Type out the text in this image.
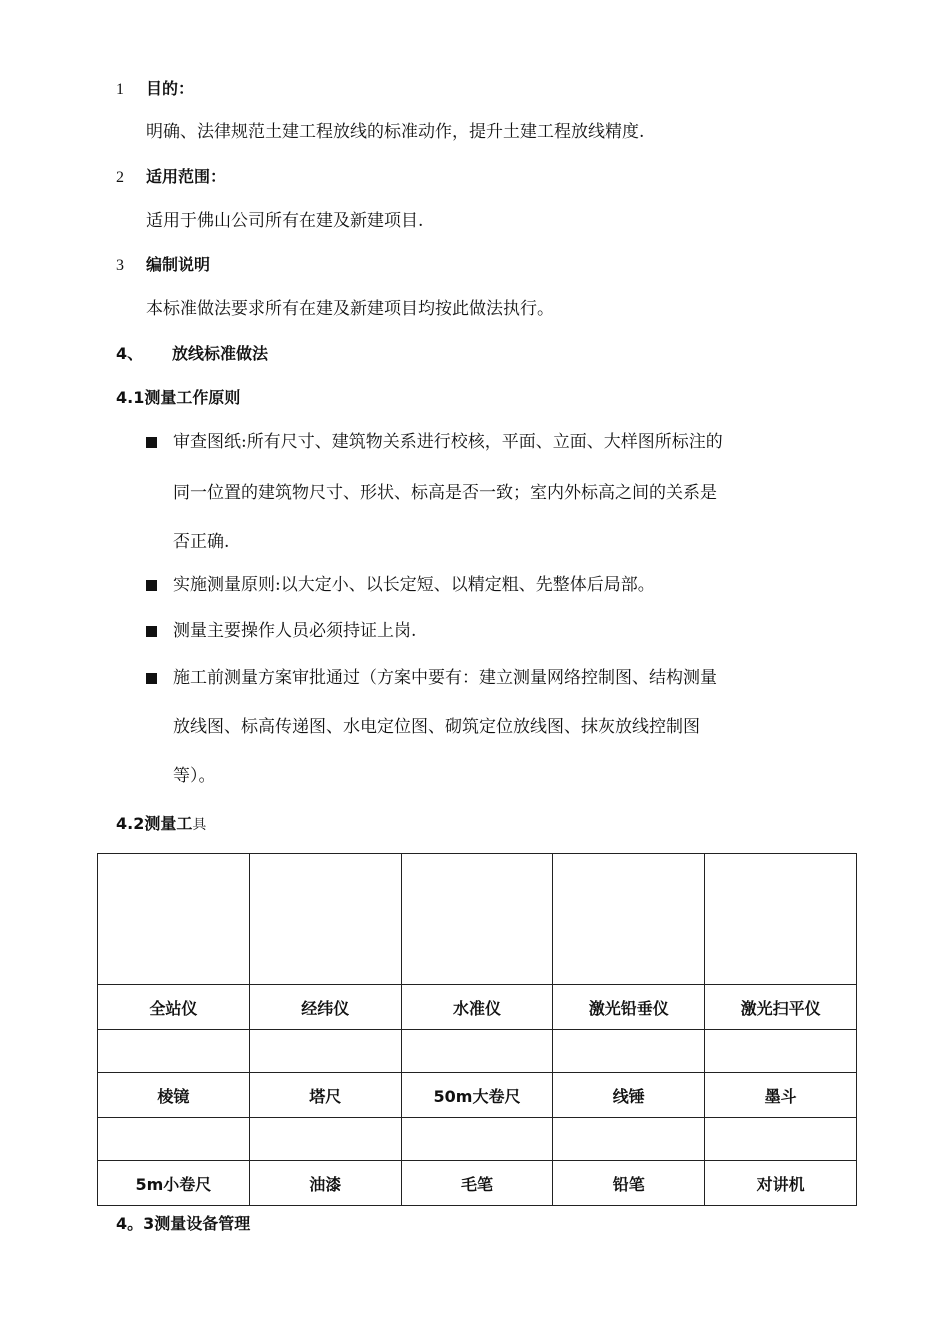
1 目的：
明确、法律规范土建工程放线的标准动作，提升土建工程放线精度.
2 适用范围：
适用于佛山公司所有在建及新建项目.
3 编制说明
本标准做法要求所有在建及新建项目均按此做法执行。
4、 放线标准做法
4.1测量工作原则
审查图纸:所有尺寸、建筑物关系进行校核，平面、立面、大样图所标注的
同一位置的建筑物尺寸、形状、标高是否一致；室内外标高之间的关系是
否正确.
实施测量原则:以大定小、以长定短、以精定粗、先整体后局部。
测量主要操作人员必须持证上岗.
施工前测量方案审批通过（方案中要有：建立测量网络控制图、结构测量
放线图、标高传递图、水电定位图、砌筑定位放线图、抹灰放线控制图
等）。
4.2测量工具

全站仪	经纬仪	水准仪	激光铅垂仪	激光扫平仪

棱镜	塔尺	50m大卷尺	线锤	墨斗

5m小卷尺	油漆	毛笔	铅笔	对讲机
4。3测量设备管理
